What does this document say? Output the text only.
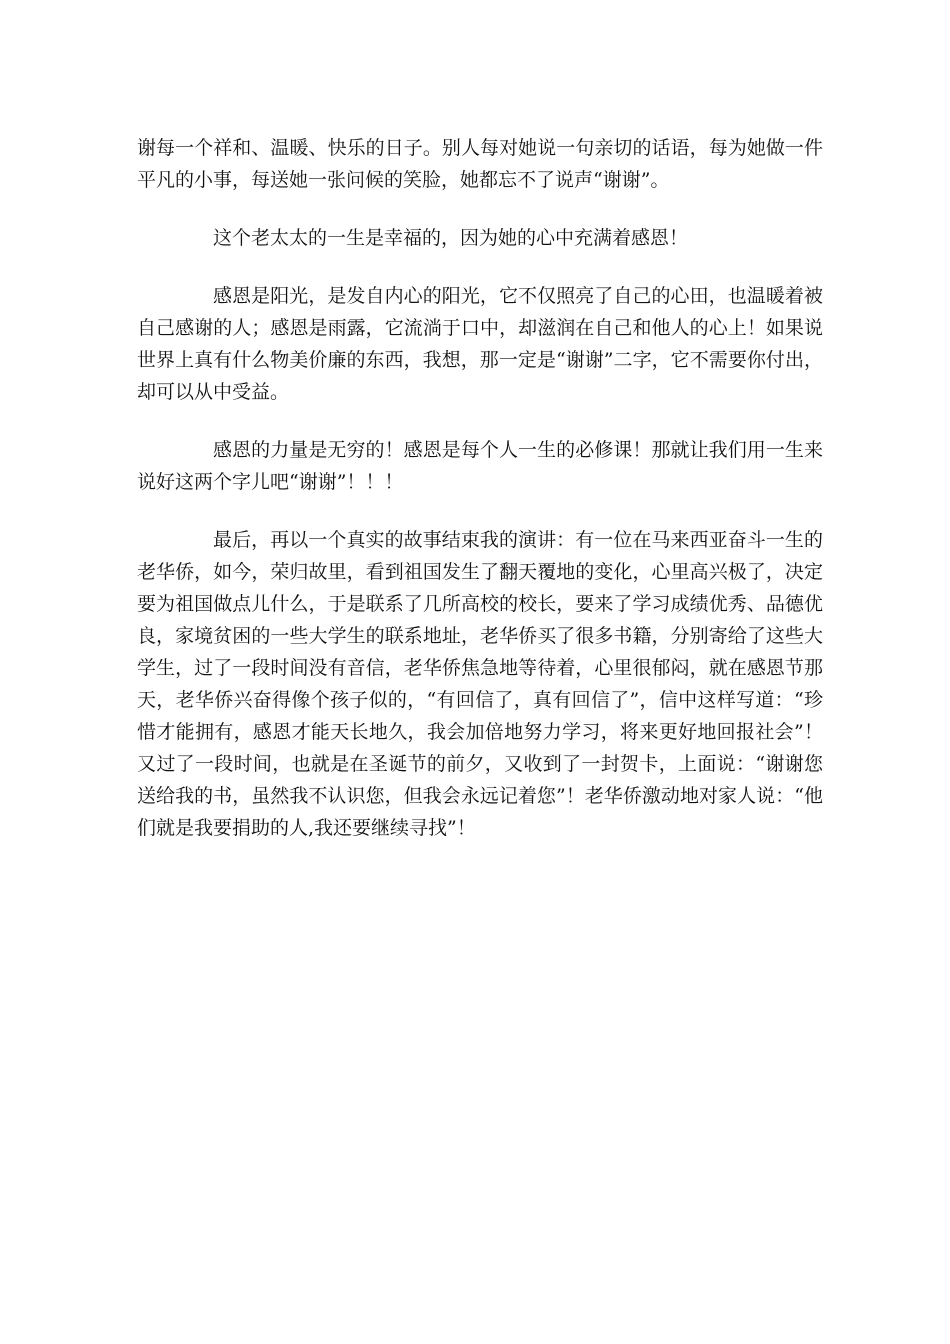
谢每一个祥和、温暖、快乐的日子。别人每对她说一句亲切的话语，每为她做一件平凡的小事，每送她一张问候的笑脸，她都忘不了说声“谢谢”。

这个老太太的一生是幸福的，因为她的心中充满着感恩！

感恩是阳光，是发自内心的阳光，它不仅照亮了自己的心田，也温暖着被自己感谢的人；感恩是雨露，它流淌于口中，却滋润在自己和他人的心上！如果说世界上真有什么物美价廉的东西，我想，那一定是“谢谢”二字，它不需要你付出，却可以从中受益。

感恩的力量是无穷的！感恩是每个人一生的必修课！那就让我们用一生来说好这两个字儿吧“谢谢”！！！

最后，再以一个真实的故事结束我的演讲：有一位在马来西亚奋斗一生的老华侨，如今，荣归故里，看到祖国发生了翻天覆地的变化，心里高兴极了，决定要为祖国做点儿什么，于是联系了几所高校的校长，要来了学习成绩优秀、品德优良，家境贫困的一些大学生的联系地址，老华侨买了很多书籍，分别寄给了这些大学生，过了一段时间没有音信，老华侨焦急地等待着，心里很郁闷，就在感恩节那天，老华侨兴奋得像个孩子似的，“有回信了，真有回信了”，信中这样写道：“珍惜才能拥有，感恩才能天长地久，我会加倍地努力学习，将来更好地回报社会”！又过了一段时间，也就是在圣诞节的前夕，又收到了一封贺卡，上面说：“谢谢您送给我的书，虽然我不认识您，但我会永远记着您”！老华侨激动地对家人说：“他们就是我要捐助的人,我还要继续寻找”！
